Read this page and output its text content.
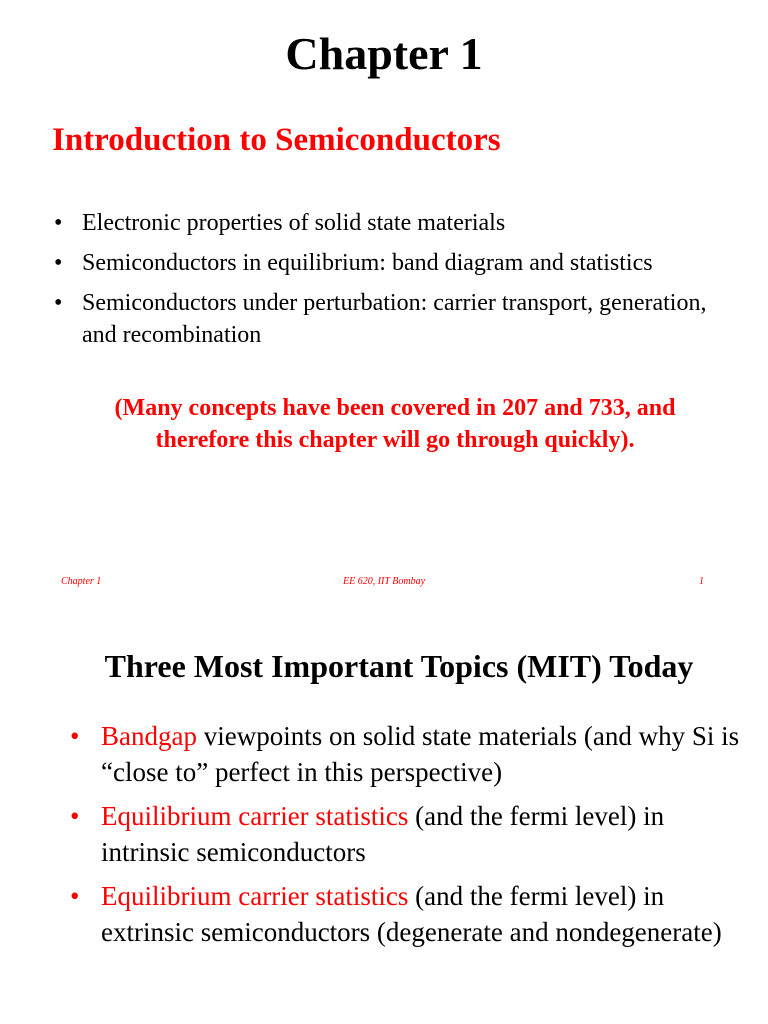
Chapter 1
Introduction to Semiconductors
• Electronic properties of solid state materials
• Semiconductors in equilibrium: band diagram and statistics
• Semiconductors under perturbation: carrier transport, generation, and recombination
(Many concepts have been covered in 207 and 733, and
therefore this chapter will go through quickly).
Chapter 1	EE 620, IIT Bombay	1
Three Most Important Topics (MIT) Today
• Bandgap viewpoints on solid state materials (and why Si is “close to” perfect in this perspective)
• Equilibrium carrier statistics (and the fermi level) in intrinsic semiconductors
• Equilibrium carrier statistics (and the fermi level) in extrinsic semiconductors (degenerate and nondegenerate)
